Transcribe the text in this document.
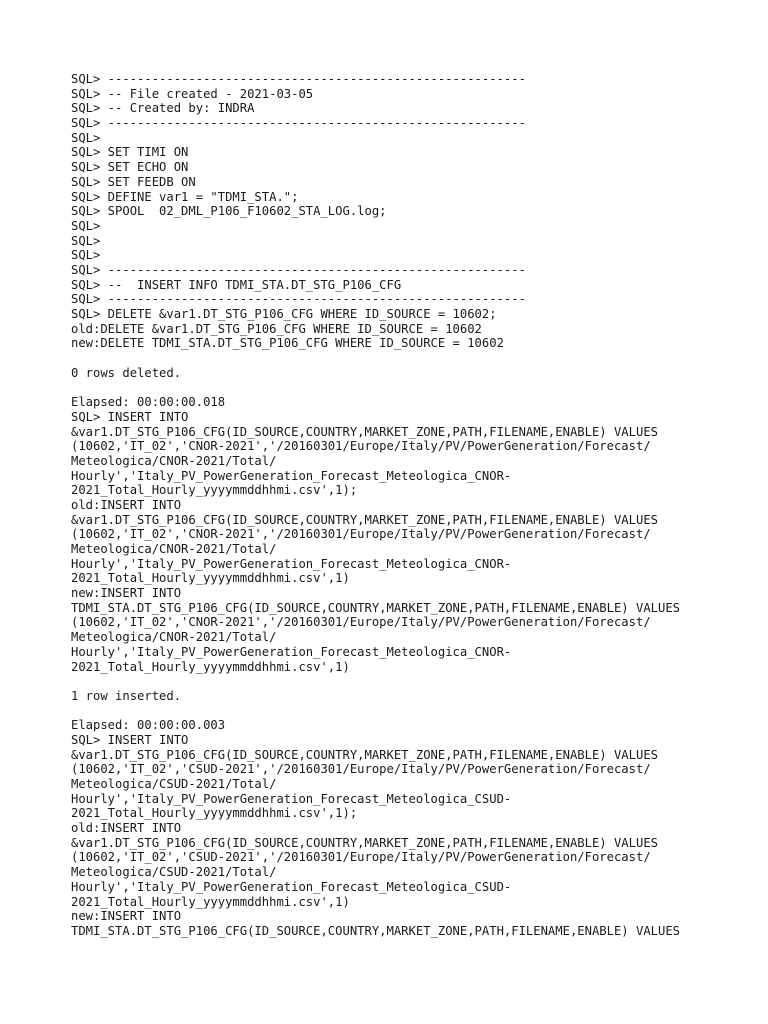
SQL> ---------------------------------------------------------
SQL> -- File created - 2021-03-05
SQL> -- Created by: INDRA
SQL> ---------------------------------------------------------
SQL>
SQL> SET TIMI ON
SQL> SET ECHO ON
SQL> SET FEEDB ON
SQL> DEFINE var1 = "TDMI_STA.";
SQL> SPOOL  02_DML_P106_F10602_STA_LOG.log;
SQL>
SQL>
SQL>
SQL> ---------------------------------------------------------
SQL> --  INSERT INFO TDMI_STA.DT_STG_P106_CFG
SQL> ---------------------------------------------------------
SQL> DELETE &var1.DT_STG_P106_CFG WHERE ID_SOURCE = 10602;
old:DELETE &var1.DT_STG_P106_CFG WHERE ID_SOURCE = 10602
new:DELETE TDMI_STA.DT_STG_P106_CFG WHERE ID_SOURCE = 10602
0 rows deleted.
Elapsed: 00:00:00.018
SQL> INSERT INTO
&var1.DT_STG_P106_CFG(ID_SOURCE,COUNTRY,MARKET_ZONE,PATH,FILENAME,ENABLE) VALUES
(10602,'IT_02','CNOR-2021','/20160301/Europe/Italy/PV/PowerGeneration/Forecast/
Meteologica/CNOR-2021/Total/
Hourly','Italy_PV_PowerGeneration_Forecast_Meteologica_CNOR-
2021_Total_Hourly_yyyymmddhhmi.csv',1);
old:INSERT INTO
&var1.DT_STG_P106_CFG(ID_SOURCE,COUNTRY,MARKET_ZONE,PATH,FILENAME,ENABLE) VALUES
(10602,'IT_02','CNOR-2021','/20160301/Europe/Italy/PV/PowerGeneration/Forecast/
Meteologica/CNOR-2021/Total/
Hourly','Italy_PV_PowerGeneration_Forecast_Meteologica_CNOR-
2021_Total_Hourly_yyyymmddhhmi.csv',1)
new:INSERT INTO
TDMI_STA.DT_STG_P106_CFG(ID_SOURCE,COUNTRY,MARKET_ZONE,PATH,FILENAME,ENABLE) VALUES
(10602,'IT_02','CNOR-2021','/20160301/Europe/Italy/PV/PowerGeneration/Forecast/
Meteologica/CNOR-2021/Total/
Hourly','Italy_PV_PowerGeneration_Forecast_Meteologica_CNOR-
2021_Total_Hourly_yyyymmddhhmi.csv',1)
1 row inserted.
Elapsed: 00:00:00.003
SQL> INSERT INTO
&var1.DT_STG_P106_CFG(ID_SOURCE,COUNTRY,MARKET_ZONE,PATH,FILENAME,ENABLE) VALUES
(10602,'IT_02','CSUD-2021','/20160301/Europe/Italy/PV/PowerGeneration/Forecast/
Meteologica/CSUD-2021/Total/
Hourly','Italy_PV_PowerGeneration_Forecast_Meteologica_CSUD-
2021_Total_Hourly_yyyymmddhhmi.csv',1);
old:INSERT INTO
&var1.DT_STG_P106_CFG(ID_SOURCE,COUNTRY,MARKET_ZONE,PATH,FILENAME,ENABLE) VALUES
(10602,'IT_02','CSUD-2021','/20160301/Europe/Italy/PV/PowerGeneration/Forecast/
Meteologica/CSUD-2021/Total/
Hourly','Italy_PV_PowerGeneration_Forecast_Meteologica_CSUD-
2021_Total_Hourly_yyyymmddhhmi.csv',1)
new:INSERT INTO
TDMI_STA.DT_STG_P106_CFG(ID_SOURCE,COUNTRY,MARKET_ZONE,PATH,FILENAME,ENABLE) VALUES
